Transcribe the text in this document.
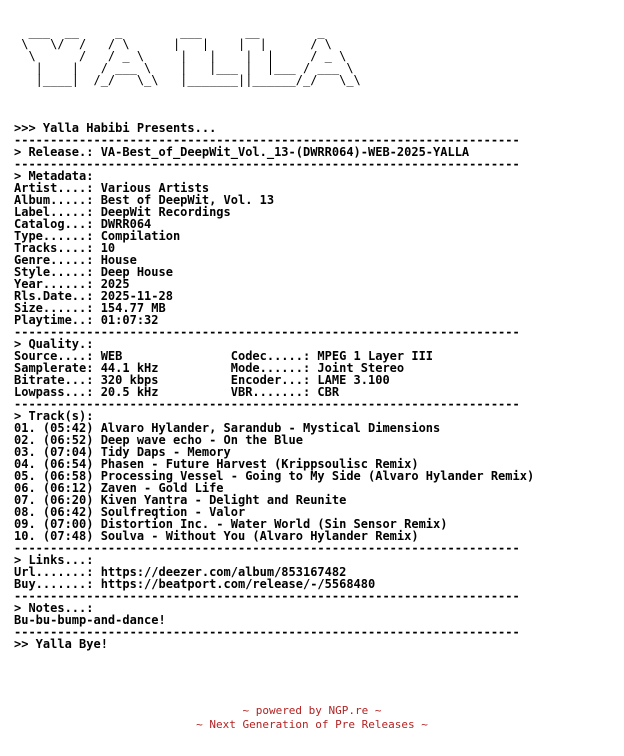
___  __     _        ___      __        _
\   \/  /   / \      |   |    |  |      / \
\      /   / _ \     |   |    |  |     / _ \
|    |   / ___ \    |   |___ |  |___ / ___ \
|____|  /_/   \_\   |_______||______/_/   \_\
>>> Yalla Habibi Presents...
----------------------------------------------------------------------
> Release.: VA-Best_of_DeepWit_Vol._13-(DWRR064)-WEB-2025-YALLA
----------------------------------------------------------------------
> Metadata:
Artist....: Various Artists
Album.....: Best of DeepWit, Vol. 13
Label.....: DeepWit Recordings
Catalog...: DWRR064
Type......: Compilation
Tracks....: 10
Genre.....: House
Style.....: Deep House
Year......: 2025
Rls.Date..: 2025-11-28
Size......: 154.77 MB
Playtime..: 01:07:32
----------------------------------------------------------------------
> Quality.:
Source....: WEB               Codec.....: MPEG 1 Layer III
Samplerate: 44.1 kHz          Mode......: Joint Stereo
Bitrate...: 320 kbps          Encoder...: LAME 3.100
Lowpass...: 20.5 kHz          VBR.......: CBR
----------------------------------------------------------------------
> Track(s):
01. (05:42) Alvaro Hylander, Sarandub - Mystical Dimensions
02. (06:52) Deep wave echo - On the Blue
03. (07:04) Tidy Daps - Memory
04. (06:54) Phasen - Future Harvest (Krippsoulisc Remix)
05. (06:58) Processing Vessel - Going to My Side (Alvaro Hylander Remix)
06. (06:12) Zaven - Gold Life
07. (06:20) Kiven Yantra - Delight and Reunite
08. (06:42) Soulfreqtion - Valor
09. (07:00) Distortion Inc. - Water World (Sin Sensor Remix)
10. (07:48) Soulva - Without You (Alvaro Hylander Remix)
----------------------------------------------------------------------
> Links...:
Url.......: https://deezer.com/album/853167482
Buy.......: https://beatport.com/release/-/5568480
----------------------------------------------------------------------
> Notes...:
Bu-bu-bump-and-dance!
----------------------------------------------------------------------
>> Yalla Bye!
~ powered by NGP.re ~
~ Next Generation of Pre Releases ~
